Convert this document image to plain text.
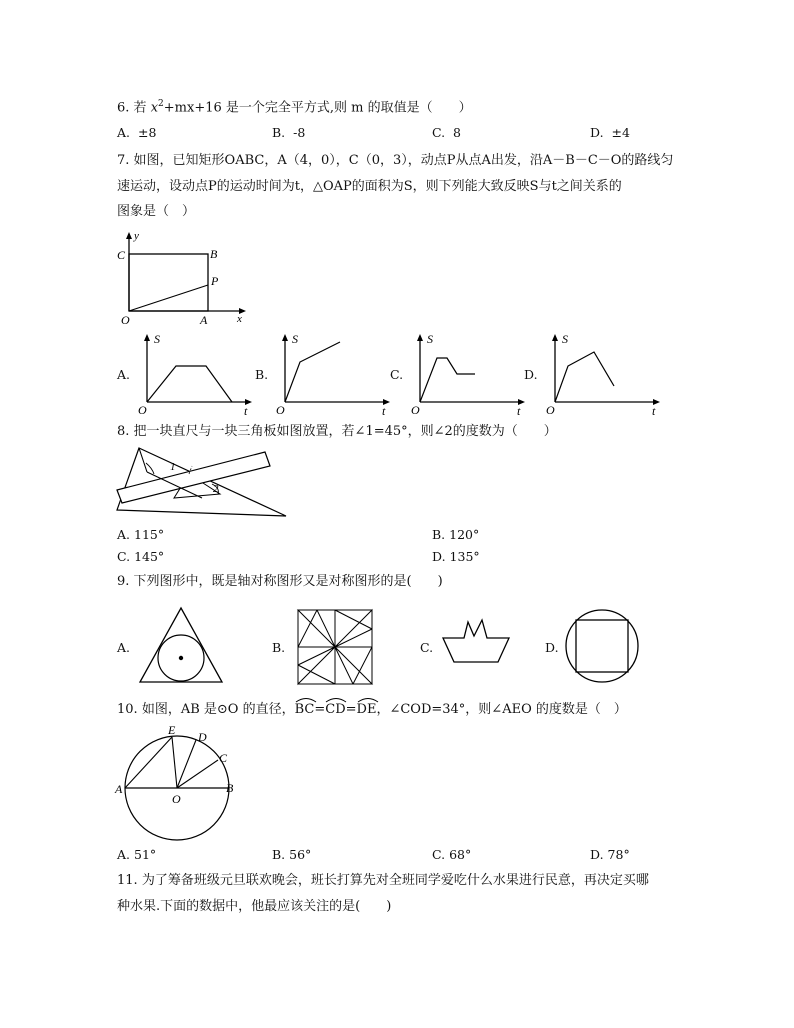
6. 若 $x^2+mx+16$ 是一个完全平方式,则 m 的取值是（　　）
A. ±8	B. -8	C. 8	D. ±4
7. 如图，已知矩形OABC，A（4，0），C（0，3），动点P从点A出发，沿A－B－C－O的路线匀
速运动，设动点P的运动时间为t，△OAP的面积为S，则下列能大致反映S与t之间关系的
图象是（　）
y
C	B
P
O	A	x
A.
S
O	t
B.
S
O	t
C.
S
O	t
D.
S
O	t
8. 把一块直尺与一块三角板如图放置，若∠1=45°，则∠2的度数为（　　）
1
2
A. 115°	B. 120°
C. 145°	D. 135°
9. 下列图形中，既是轴对称图形又是对称图形的是(　　)
A.	B.	C.	D.
10. 如图，AB 是⊙O 的直径，
BC=
CD=
DE，∠COD=34°，则∠AEO 的度数是（　）
E D
C
A
O
B
A. 51°	B. 56°	C. 68°	D. 78°
11. 为了筹备班级元旦联欢晚会，班长打算先对全班同学爱吃什么水果进行民意，再决定买哪
种水果.下面的数据中，他最应该关注的是(　　)
